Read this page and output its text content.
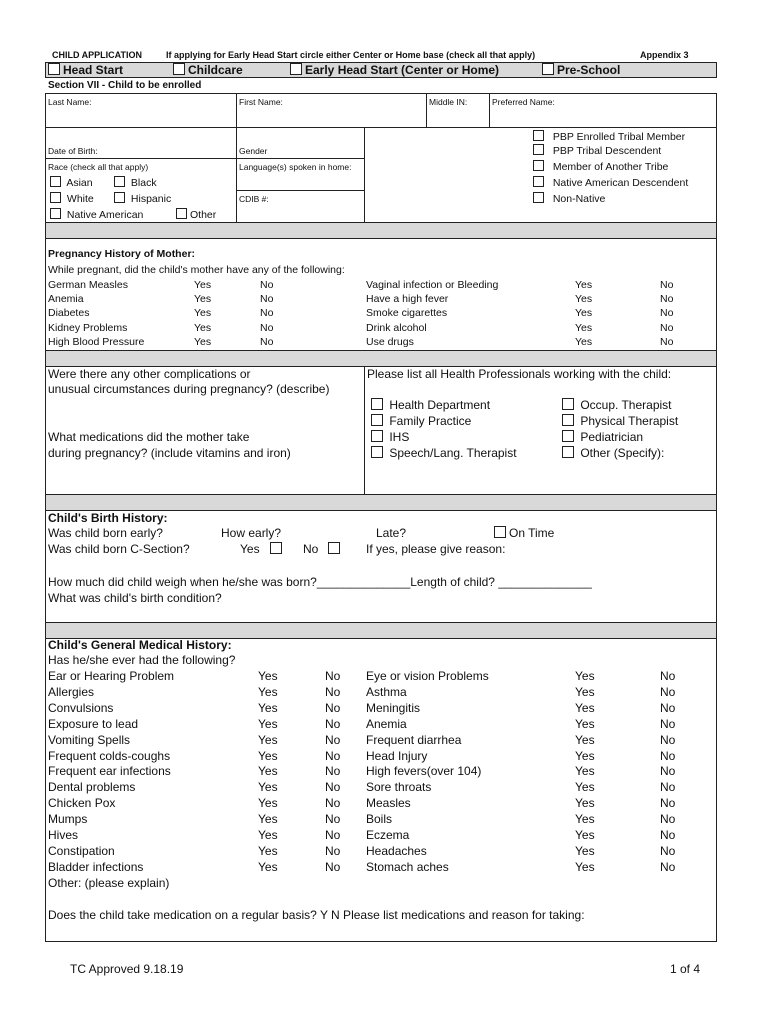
CHILD APPLICATION	If applying for Early Head Start circle either Center or Home base (check all that apply)	Appendix 3
Head Start	Childcare	Early Head Start (Center or Home)	Pre-School
Section VII - Child to be enrolled
Last Name:	First Name:	Middle IN:	Preferred Name:
Date of Birth:	Gender
Race (check all that apply)	Language(s) spoken in home:
CDIB #:
Asian	Black
White	Hispanic
Native American	Other
PBP Enrolled Tribal Member
PBP Tribal Descendent
Member of Another Tribe
Native American Descendent
Non-Native
Pregnancy History of Mother:
While pregnant, did the child's mother have any of the following:
German Measles	Yes	No
Anemia	Yes	No
Diabetes	Yes	No
Kidney Problems	Yes	No
High Blood Pressure	Yes	No
Vaginal infection or Bleeding	Yes	No
Have a high fever	Yes	No
Smoke cigarettes	Yes	No
Drink alcohol	Yes	No
Use drugs	Yes	No
Were there any other complications or
unusual circumstances during pregnancy? (describe)
What medications did the mother take
during pregnancy? (include vitamins and iron)
Please list all Health Professionals working with the child:
Health Department
Family Practice
IHS
Speech/Lang. Therapist
Occup. Therapist
Physical Therapist
Pediatrician
Other (Specify):
Child's Birth History:
Was child born early?	How early?	Late?	On Time
Was child born C-Section?	Yes	No	If yes, please give reason:
How much did child weigh when he/she was born?______________Length of child? ______________
What was child's birth condition?
Child's General Medical History:
Has he/she ever had the following?
Ear or Hearing Problem	Yes	No
Allergies	Yes	No
Convulsions	Yes	No
Exposure to lead	Yes	No
Vomiting Spells	Yes	No
Frequent colds-coughs	Yes	No
Frequent ear infections	Yes	No
Dental problems	Yes	No
Chicken Pox	Yes	No
Mumps	Yes	No
Hives	Yes	No
Constipation	Yes	No
Bladder infections	Yes	No
Eye or vision Problems	Yes	No
Asthma	Yes	No
Meningitis	Yes	No
Anemia	Yes	No
Frequent diarrhea	Yes	No
Head Injury	Yes	No
High fevers(over 104)	Yes	No
Sore throats	Yes	No
Measles	Yes	No
Boils	Yes	No
Eczema	Yes	No
Headaches	Yes	No
Stomach aches	Yes	No
Other: (please explain)
Does the child take medication on a regular basis? Y N Please list medications and reason for taking:
TC Approved 9.18.19	1 of 4
